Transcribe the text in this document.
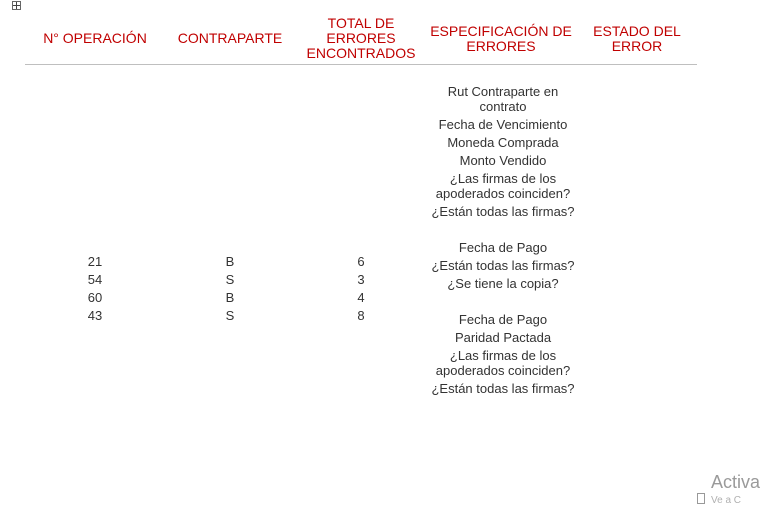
N° OPERACIÓN	CONTRAPARTE
TOTAL DE ERRORES ENCONTRADOS
ESPECIFICACIÓN DE ERRORES
ESTADO DEL ERROR
21
54
60
43
B
S
B
S
6
3
4
8
Rut Contraparte en contrato
Fecha de Vencimiento
Moneda Comprada
Monto Vendido
¿Las firmas de los apoderados coinciden?
¿Están todas las firmas?
Fecha de Pago
¿Están todas las firmas?
¿Se tiene la copia?
Fecha de Pago
Paridad Pactada
¿Las firmas de los apoderados coinciden?
¿Están todas las firmas?
Activa
Ve a C
